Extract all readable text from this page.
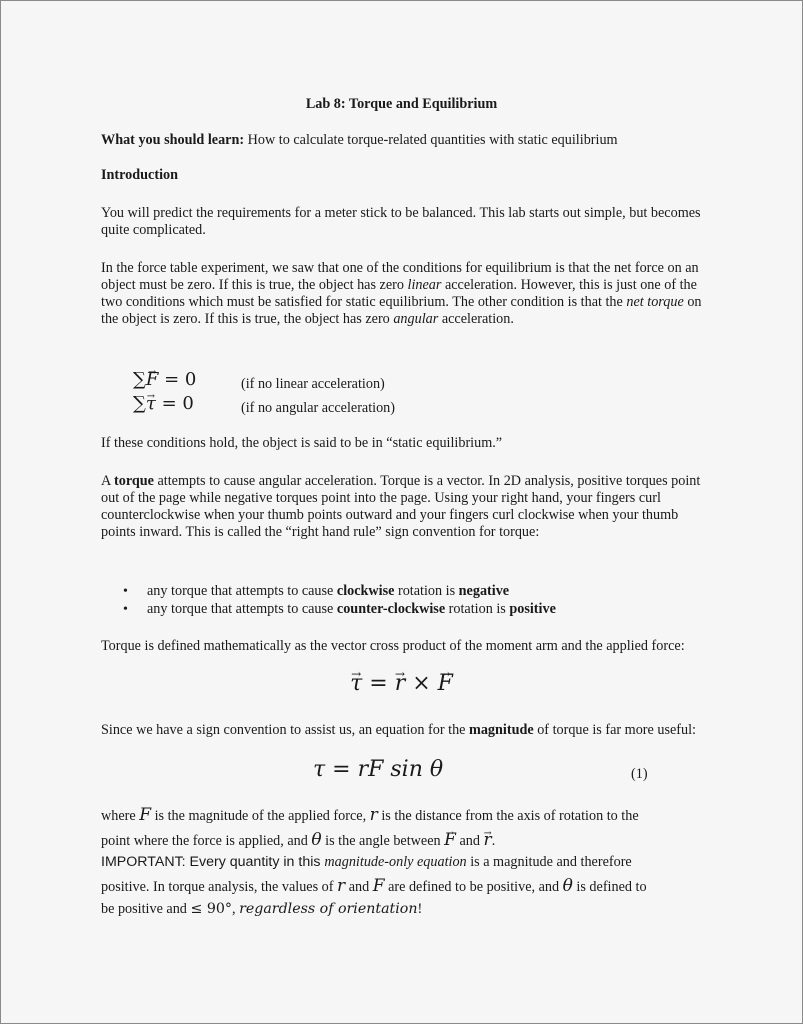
Lab 8: Torque and Equilibrium
What you should learn: How to calculate torque-related quantities with static equilibrium
Introduction
You will predict the requirements for a meter stick to be balanced. This lab starts out simple, but becomes quite complicated.
In the force table experiment, we saw that one of the conditions for equilibrium is that the net force on an object must be zero. If this is true, the object has zero linear acceleration. However, this is just one of the two conditions which must be satisfied for static equilibrium. The other condition is that the net torque on the object is zero. If this is true, the object has zero angular acceleration.
∑→ F = 0	(if no linear acceleration)
∑→ τ = 0	(if no angular acceleration)
If these conditions hold, the object is said to be in “static equilibrium.”
A torque attempts to cause angular acceleration. Torque is a vector. In 2D analysis, positive torques point out of the page while negative torques point into the page. Using your right hand, your fingers curl counterclockwise when your thumb points outward and your fingers curl clockwise when your thumb points inward. This is called the “right hand rule” sign convention for torque:
• any torque that attempts to cause clockwise rotation is negative
• any torque that attempts to cause counter-clockwise rotation is positive
Torque is defined mathematically as the vector cross product of the moment arm and the applied force:
→ τ = → r × → F
Since we have a sign convention to assist us, an equation for the magnitude of torque is far more useful:
τ = rF sin θ	(1)
where F is the magnitude of the applied force, r is the distance from the axis of rotation to the
point where the force is applied, and θ is the angle between → F and → r.
IMPORTANT: Every quantity in this magnitude-only equation is a magnitude and therefore
positive. In torque analysis, the values of r and F are defined to be positive, and θ is defined to
be positive and ≤ 90°, regardless of orientation!
